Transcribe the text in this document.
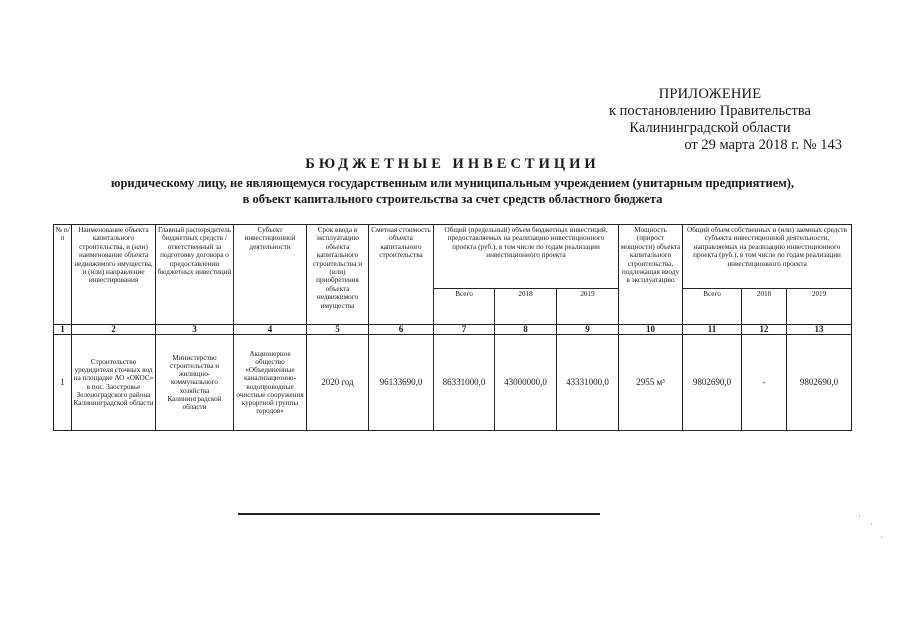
ПРИЛОЖЕНИЕ
к постановлению Правительства
Калининградской области
от 29 марта 2018 г. № 143
БЮДЖЕТНЫЕ ИНВЕСТИЦИИ
юридическому лицу, не являющемуся государственным или муниципальным учреждением (унитарным предприятием),
в объект капитального строительства за счет средств областного бюджета
№ п/п	Наименование объекта капитального строительства, и (или) наименование объекта недвижимого имущества, и (или) направление инвестирования	Главный распорядитель бюджетных средств / ответственный за подготовку договора о предоставлении бюджетных инвестиций	Субъект инвестиционной деятельности	Срок ввода в эксплуатацию объекта капитального строительства и (или) приобретения объекта недвижимого имущества	Сметная стоимость объекта капитального строительства	Общий (предельный) объем бюджетных инвестиций, предоставляемых на реализацию инвестиционного проекта (руб.), в том числе по годам реализации инвестиционного проекта			Мощность (прирост мощности) объекта капитального строительства, подлежащая вводу в эксплуатацию	Общий объем собственных и (или) заемных средств субъекта инвестиционной деятельности, направляемых на реализацию инвестиционного проекта (руб.), в том числе по годам реализации инвестиционного проекта		
						Всего	2018	2019		Всего	2018	2019
1	2	3	4	5	6	7	8	9	10	11	12	13
1	Строительство уредидителя сточных вод на площадке АО «ОКОС» в пос. Заостровье Зеленоградского района Калининградской области	Министерство строительства и жилищно-коммунального хозяйства Калининградской области	Акционерное общество «Объединенные канализационно-водопроводные очистные сооружения курортной группы городов»	2020 год	96133690,0	86331000,0	43000000,0	43331000,0	2955 м³	9802690,0	-	9802690,0
·
·
·
